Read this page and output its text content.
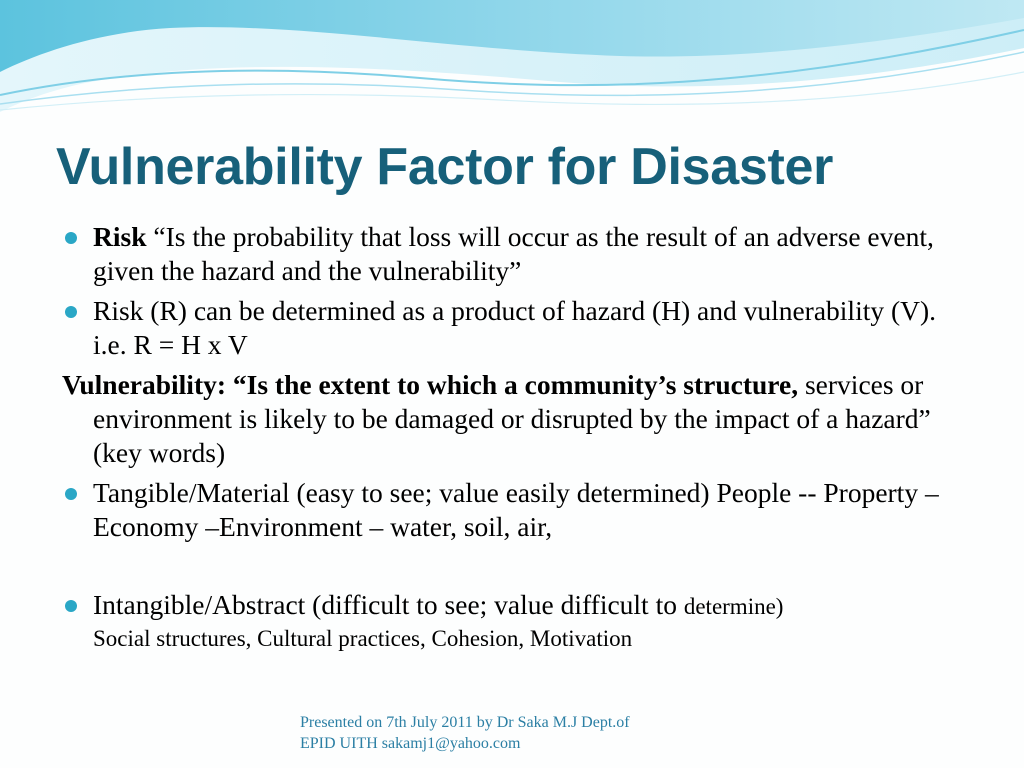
Vulnerability Factor for Disaster
Risk “Is the probability that loss will occur as the result of an adverse event, given the hazard and the vulnerability”
Risk (R) can be determined as a product of hazard (H) and vulnerability (V). i.e. R = H x V
Vulnerability: “Is the extent to which a community’s structure, services or environment is likely to be damaged or disrupted by the impact of a hazard” (key words)
Tangible/Material (easy to see; value easily determined) People -- Property –Economy –Environment – water, soil, air,
Intangible/Abstract (difficult to see; value difficult to determine)
Social structures, Cultural practices, Cohesion, Motivation
Presented on 7th July 2011 by Dr Saka M.J Dept.of
EPID UITH sakamj1@yahoo.com
